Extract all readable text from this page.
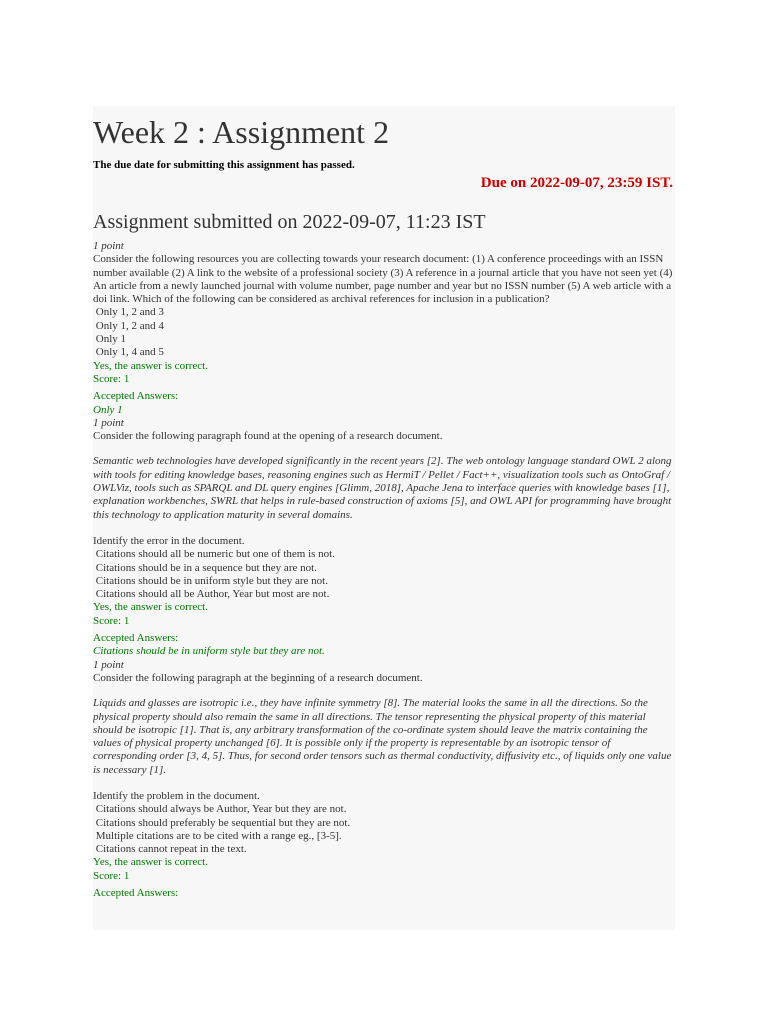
Week 2 : Assignment 2
The due date for submitting this assignment has passed.
Due on 2022-09-07, 23:59 IST.
Assignment submitted on 2022-09-07, 11:23 IST
1 point
Consider the following resources you are collecting towards your research document: (1) A conference proceedings with an ISSN number available (2) A link to the website of a professional society (3) A reference in a journal article that you have not seen yet (4) An article from a newly launched journal with volume number, page number and year but no ISSN number (5) A web article with a doi link. Which of the following can be considered as archival references for inclusion in a publication?
Only 1, 2 and 3
Only 1, 2 and 4
Only 1
Only 1, 4 and 5
Yes, the answer is correct.
Score: 1
Accepted Answers:
Only 1
1 point
Consider the following paragraph found at the opening of a research document.
Semantic web technologies have developed significantly in the recent years [2]. The web ontology language standard OWL 2 along with tools for editing knowledge bases, reasoning engines such as HermiT / Pellet / Fact++, visualization tools such as OntoGraf / OWLViz, tools such as SPARQL and DL query engines [Glimm, 2018], Apache Jena to interface queries with knowledge bases [1], explanation workbenches, SWRL that helps in rule-based construction of axioms [5], and OWL API for programming have brought this technology to application maturity in several domains.
Identify the error in the document.
Citations should all be numeric but one of them is not.
Citations should be in a sequence but they are not.
Citations should be in uniform style but they are not.
Citations should all be Author, Year but most are not.
Yes, the answer is correct.
Score: 1
Accepted Answers:
Citations should be in uniform style but they are not.
1 point
Consider the following paragraph at the beginning of a research document.
Liquids and glasses are isotropic i.e., they have infinite symmetry [8]. The material looks the same in all the directions. So the physical property should also remain the same in all directions. The tensor representing the physical property of this material should be isotropic [1]. That is, any arbitrary transformation of the co-ordinate system should leave the matrix containing the values of physical property unchanged [6]. It is possible only if the property is representable by an isotropic tensor of corresponding order [3, 4, 5]. Thus, for second order tensors such as thermal conductivity, diffusivity etc., of liquids only one value is necessary [1].
Identify the problem in the document.
Citations should always be Author, Year but they are not.
Citations should preferably be sequential but they are not.
Multiple citations are to be cited with a range eg., [3-5].
Citations cannot repeat in the text.
Yes, the answer is correct.
Score: 1
Accepted Answers:
